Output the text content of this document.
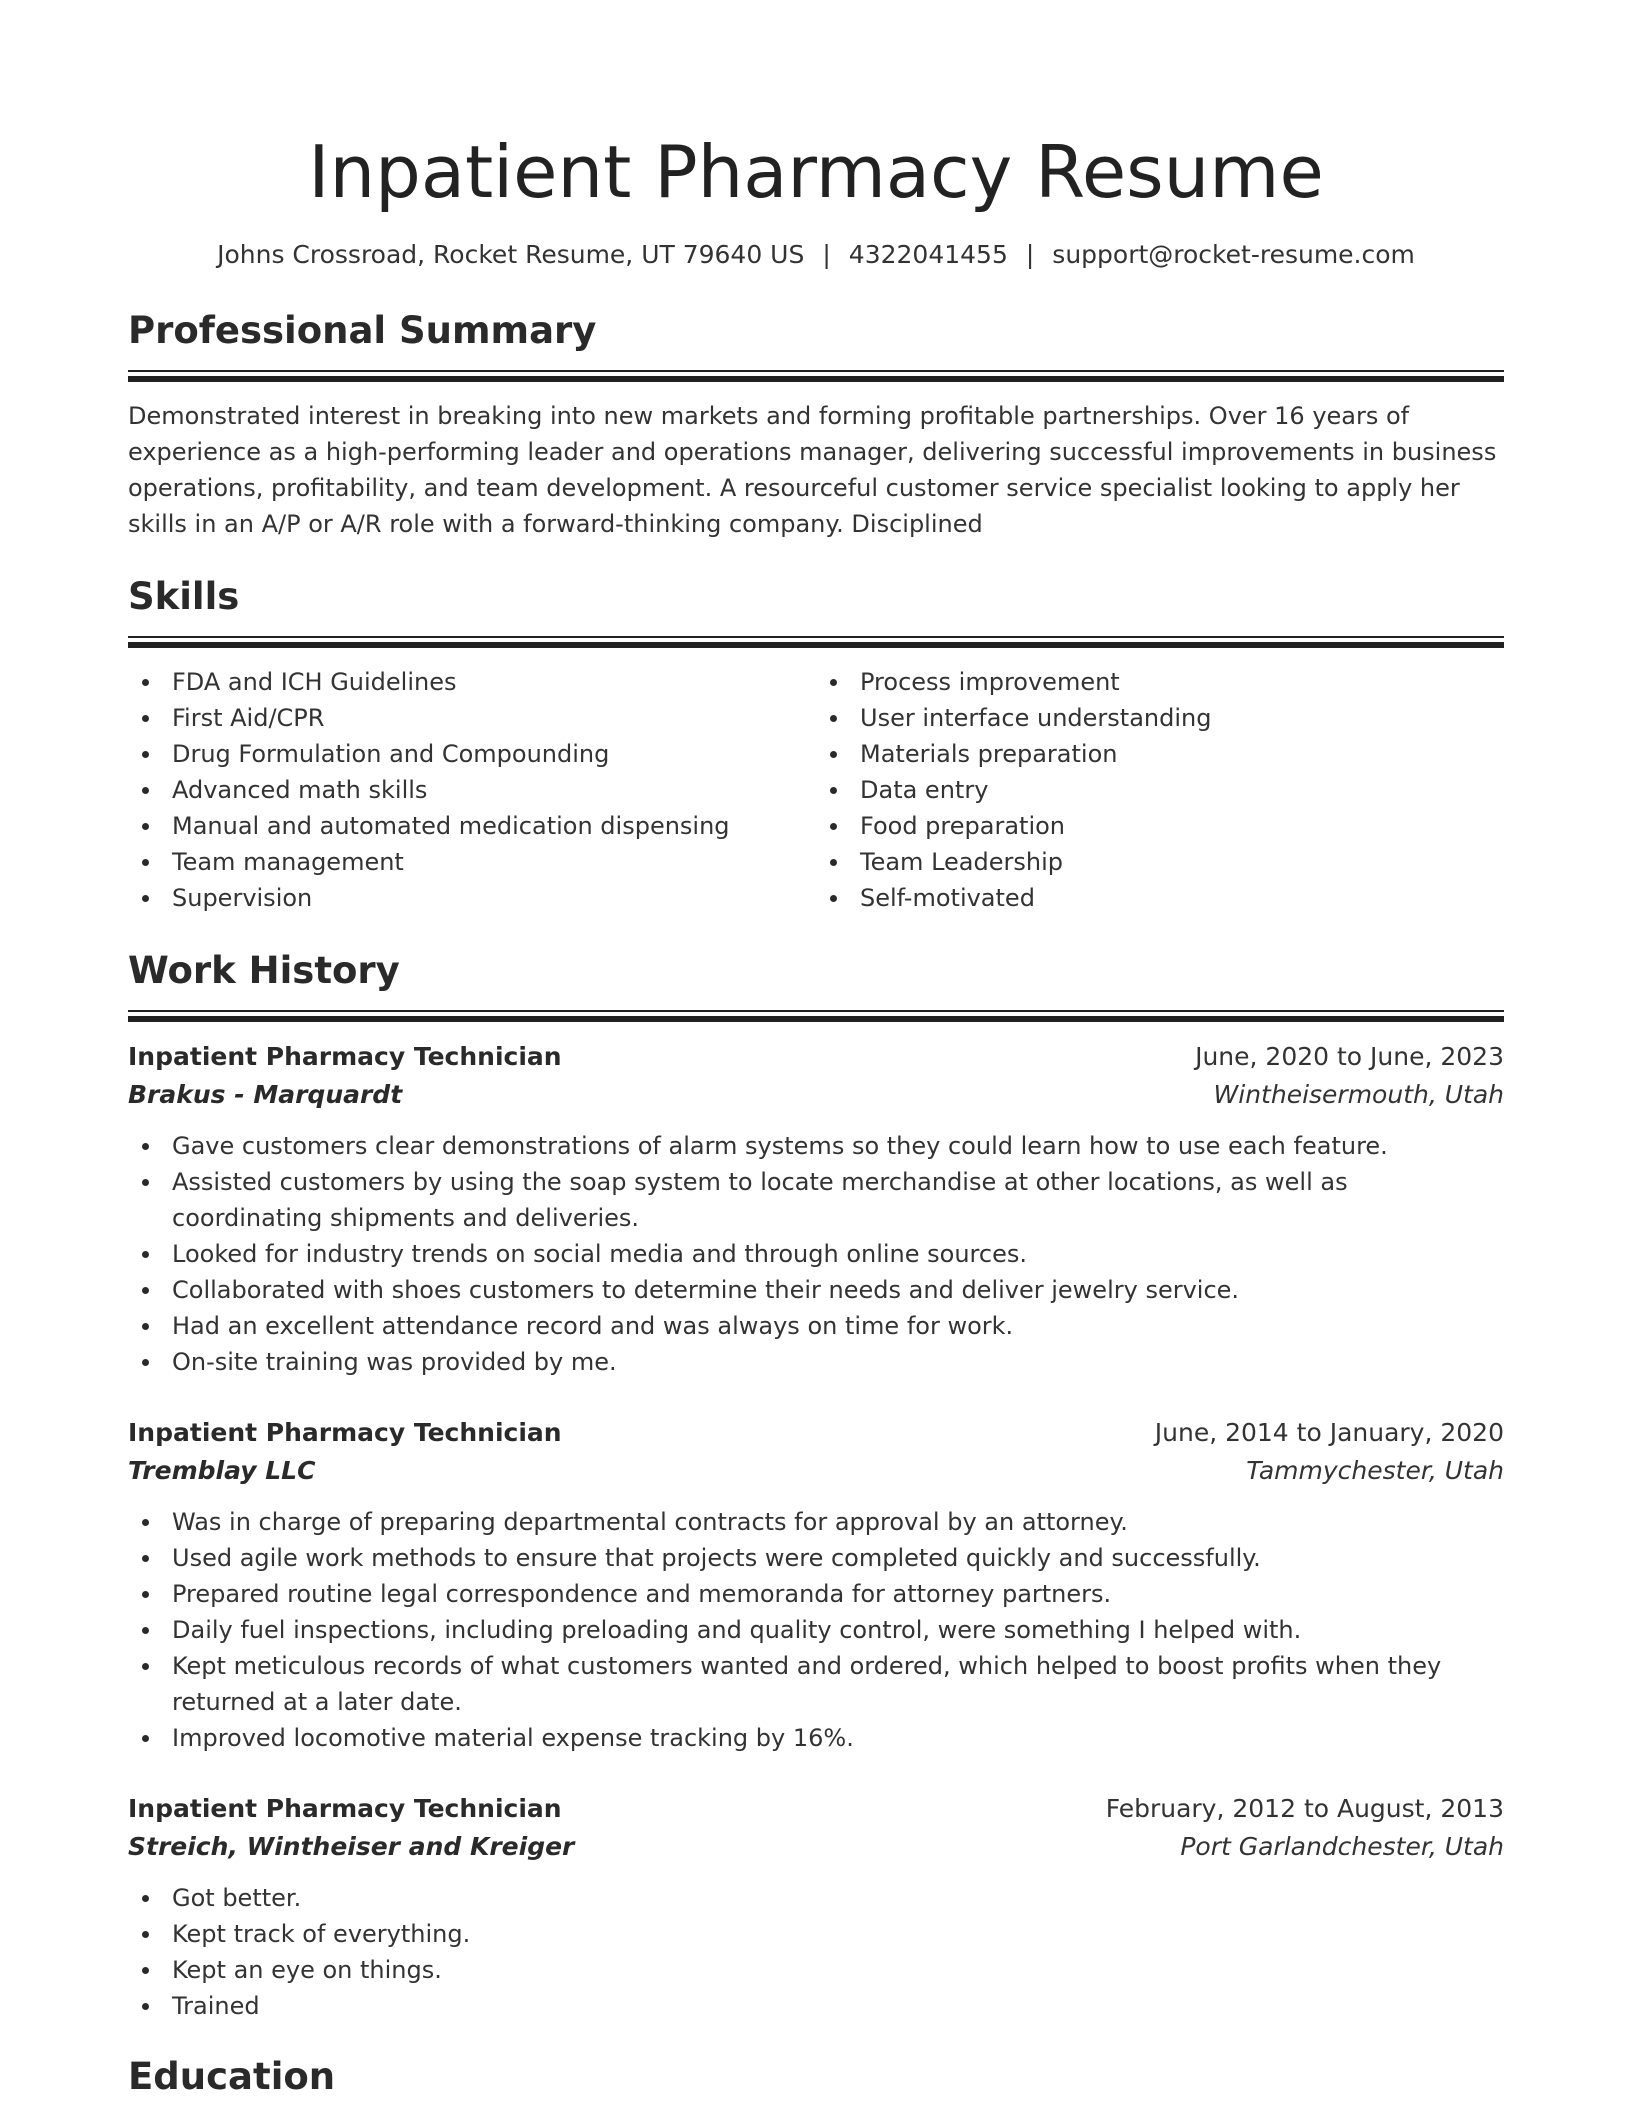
Inpatient Pharmacy Resume
Johns Crossroad, Rocket Resume, UT 79640 US | 4322041455 | support@rocket-resume.com
Professional Summary

Demonstrated interest in breaking into new markets and forming profitable partnerships. Over 16 years of experience as a high-performing leader and operations manager, delivering successful improvements in business operations, profitability, and team development. A resourceful customer service specialist looking to apply her skills in an A/P or A/R role with a forward-thinking company. Disciplined

Skills
FDA and ICH Guidelines
First Aid/CPR
Drug Formulation and Compounding
Advanced math skills
Manual and automated medication dispensing
Team management
Supervision
Process improvement
User interface understanding
Materials preparation
Data entry
Food preparation
Team Leadership
Self-motivated
Work History
Inpatient Pharmacy Technician	June, 2020 to June, 2023
Brakus - Marquardt	Wintheisermouth, Utah
Gave customers clear demonstrations of alarm systems so they could learn how to use each feature.
Assisted customers by using the soap system to locate merchandise at other locations, as well as coordinating shipments and deliveries.
Looked for industry trends on social media and through online sources.
Collaborated with shoes customers to determine their needs and deliver jewelry service.
Had an excellent attendance record and was always on time for work.
On-site training was provided by me.
Inpatient Pharmacy Technician	June, 2014 to January, 2020
Tremblay LLC	Tammychester, Utah
Was in charge of preparing departmental contracts for approval by an attorney.
Used agile work methods to ensure that projects were completed quickly and successfully.
Prepared routine legal correspondence and memoranda for attorney partners.
Daily fuel inspections, including preloading and quality control, were something I helped with.
Kept meticulous records of what customers wanted and ordered, which helped to boost profits when they returned at a later date.
Improved locomotive material expense tracking by 16%.
Inpatient Pharmacy Technician	February, 2012 to August, 2013
Streich, Wintheiser and Kreiger	Port Garlandchester, Utah
Got better.
Kept track of everything.
Kept an eye on things.
Trained
Education
